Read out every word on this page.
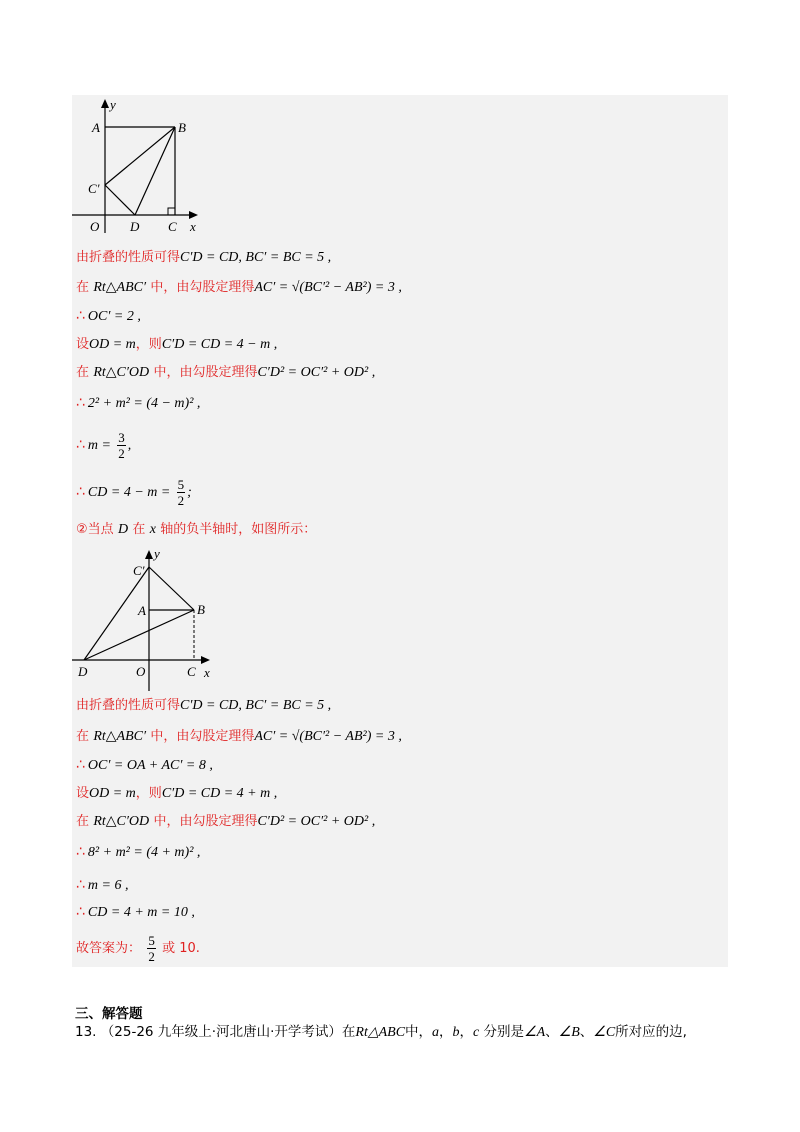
y
x
A	B
C'
O D C
由折叠的性质可得C′D = CD, BC′ = BC = 5 ,
在 Rt△ABC′ 中，由勾股定理得AC′ = √(BC′² − AB²) = 3 ,
∴ OC′ = 2 ,
设OD = m，则C′D = CD = 4 − m ,
在 Rt△C′OD 中，由勾股定理得C′D² = OC′² + OD² ,
∴ 2² + m² = (4 − m)² ,
∴ $m = \frac{3}{2}$ ,
∴ CD = $4 - m = \frac{5}{2}$ ;
②当点 D 在 x 轴的负半轴时，如图所示：
y
x
C'
A	B
D	O	C
由折叠的性质可得C′D = CD, BC′ = BC = 5 ,
在 Rt△ABC′ 中，由勾股定理得AC′ = √(BC′² − AB²) = 3 ,
∴ OC′ = OA + AC′ = 8 ,
设OD = m，则C′D = CD = 4 + m ,
在 Rt△C′OD 中，由勾股定理得C′D² = OC′² + OD² ,
∴ 8² + m² = (4 + m)² ,
∴ m = 6 ,
∴ CD = 4 + m = 10 ,
故答案为： $\frac{5}{2}$ 或 10.
三、解答题
13. （25-26 九年级上·河北唐山·开学考试）在Rt△ABC中，a，b，c 分别是∠A、∠B、∠C所对应的边,
